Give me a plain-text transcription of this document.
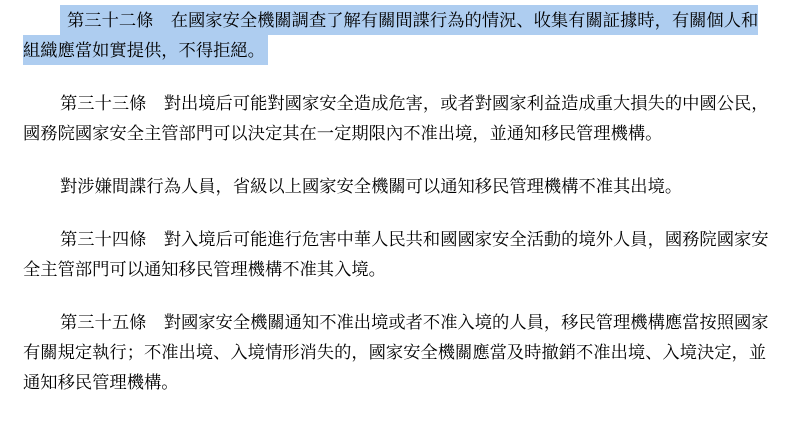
第三十二條　在國家安全機關調查了解有關間諜行為的情況、收集有關証據時，有關個人和組織應當如實提供，不得拒絕。

第三十三條　對出境后可能對國家安全造成危害，或者對國家利益造成重大損失的中國公民，國務院國家安全主管部門可以決定其在一定期限內不准出境，並通知移民管理機構。

對涉嫌間諜行為人員，省級以上國家安全機關可以通知移民管理機構不准其出境。

第三十四條　對入境后可能進行危害中華人民共和國國家安全活動的境外人員，國務院國家安全主管部門可以通知移民管理機構不准其入境。

第三十五條　對國家安全機關通知不准出境或者不准入境的人員，移民管理機構應當按照國家有關規定執行；不准出境、入境情形消失的，國家安全機關應當及時撤銷不准出境、入境決定，並通知移民管理機構。
